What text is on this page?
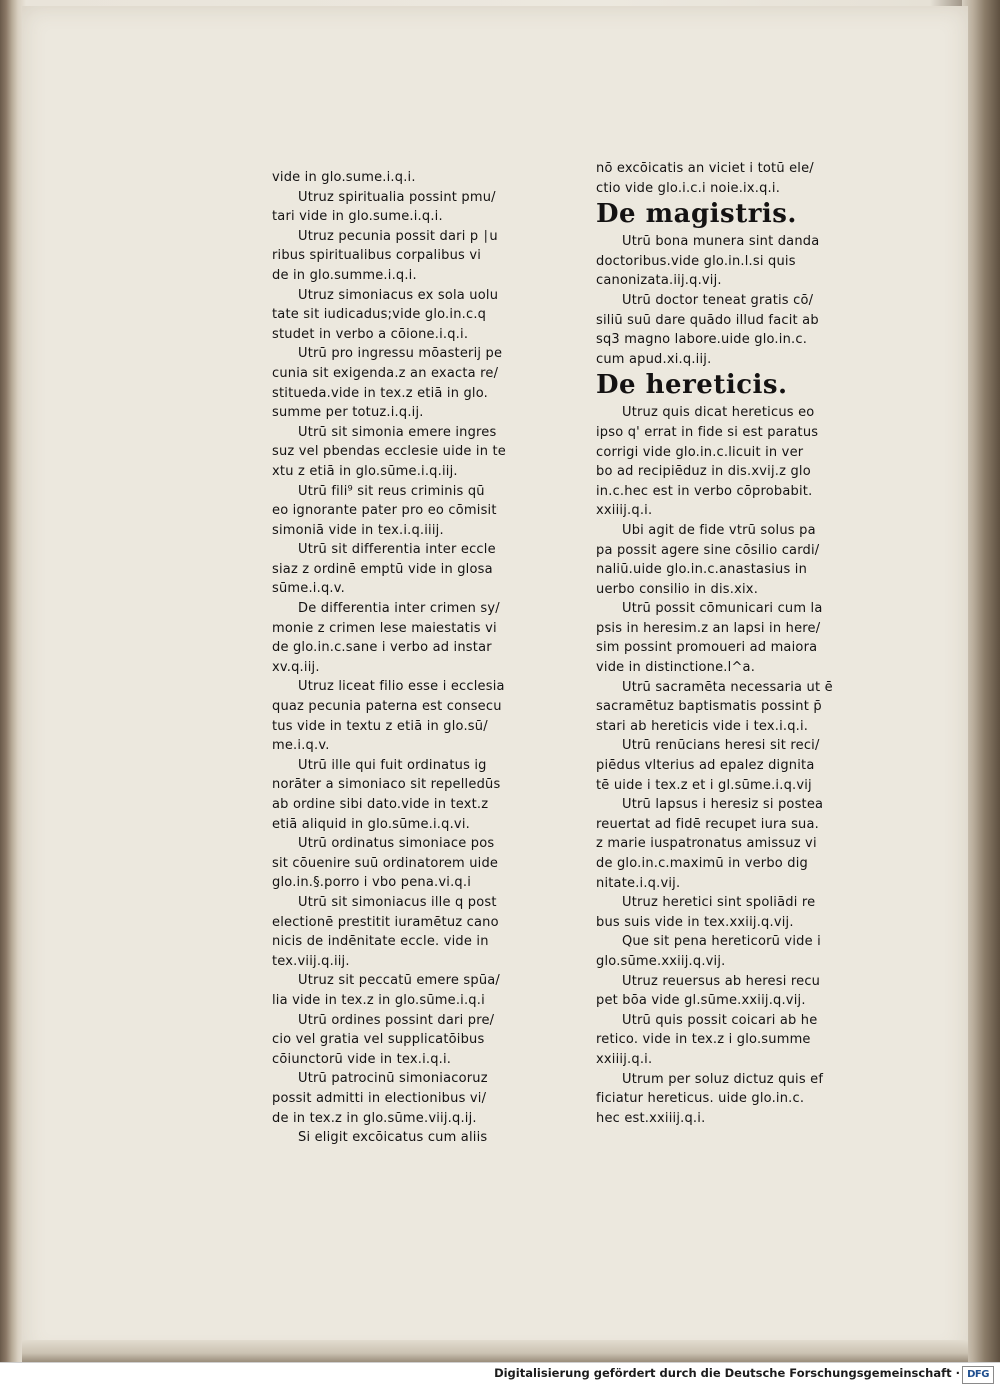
vide in glo.sume.i.q.i.
Utruz spiritualia possint pmu/
tari vide in glo.sume.i.q.i.
Utruz pecunia possit dari p ∣u
ribus spiritualibus corpalibus vi
de in glo.summe.i.q.i.
Utruz simoniacus ex sola uolu
tate sit iudicadus;vide glo.in.c.q
studet in verbo a cōione.i.q.i.
Utrū pro ingressu mōasterij pe
cunia sit exigenda.z an exacta re/
stitueda.vide in tex.z etiā in glo.
summe per totuz.i.q.ij.
Utrū sit simonia emere ingres
suz vel pbendas ecclesie uide in te
xtu z etiā in glo.sūme.i.q.iij.
Utrū fili⁹ sit reus criminis qū
eo ignorante pater pro eo cōmisit
simoniā vide in tex.i.q.iiij.
Utrū sit differentia inter eccle
siaz z ordinē emptū vide in glosa
sūme.i.q.v.
De differentia inter crimen sy/
monie z crimen lese maiestatis vi
de glo.in.c.sane i verbo ad instar
xv.q.iij.
Utruz liceat filio esse i ecclesia
quaz pecunia paterna est consecu
tus vide in textu z etiā in glo.sū/
me.i.q.v.
Utrū ille qui fuit ordinatus ig
norāter a simoniaco sit repelledūs
ab ordine sibi dato.vide in text.z
etiā aliquid in glo.sūme.i.q.vi.
Utrū ordinatus simoniace pos
sit cōuenire suū ordinatorem uide
glo.in.§.porro i vbo pena.vi.q.i
Utrū sit simoniacus ille q post
electionē prestitit iuramētuz cano
nicis de indēnitate eccle. vide in
tex.viij.q.iij.
Utruz sit peccatū emere spūa/
lia vide in tex.z in glo.sūme.i.q.i
Utrū ordines possint dari pre/
cio vel gratia vel supplicatōibus
cōiunctorū vide in tex.i.q.i.
Utrū patrocinū simoniacoruz
possit admitti in electionibus vi/
de in tex.z in glo.sūme.viij.q.ij.
Si eligit excōicatus cum aliis
nō excōicatis an viciet i totū ele/
ctio vide glo.i.c.i noie.ix.q.i.
De magistris.
Utrū bona munera sint danda
doctoribus.vide glo.in.l.si quis
canonizata.iij.q.vij.
Utrū doctor teneat gratis cō/
siliū suū dare quādo illud facit ab
sq3 magno labore.uide glo.in.c.
cum apud.xi.q.iij.
De hereticis.
Utruz quis dicat hereticus eo
ipso q' errat in fide si est paratus
corrigi vide glo.in.c.licuit in ver
bo ad recipiēduz in dis.xvij.z glo
in.c.hec est in verbo cōprobabit.
xxiiij.q.i.
Ubi agit de fide vtrū solus pa
pa possit agere sine cōsilio cardi/
naliū.uide glo.in.c.anastasius in
uerbo consilio in dis.xix.
Utrū possit cōmunicari cum la
psis in heresim.z an lapsi in here/
sim possint promoueri ad maiora
vide in distinctione.l^a.
Utrū sacramēta necessaria ut ē
sacramētuz baptismatis possint p̄
stari ab hereticis vide i tex.i.q.i.
Utrū renūcians heresi sit reci/
piēdus vlterius ad epalez dignita
tē uide i tex.z et i gl.sūme.i.q.vij
Utrū lapsus i heresiz si postea
reuertat ad fidē recupet iura sua.
z marie iuspatronatus amissuz vi
de glo.in.c.maximū in verbo dig
nitate.i.q.vij.
Utruz heretici sint spoliādi re
bus suis vide in tex.xxiij.q.vij.
Que sit pena hereticorū vide i
glo.sūme.xxiij.q.vij.
Utruz reuersus ab heresi recu
pet bōa vide gl.sūme.xxiij.q.vij.
Utrū quis possit coicari ab he
retico. vide in tex.z i glo.summe
xxiiij.q.i.
Utrum per soluz dictuz quis ef
ficiatur hereticus. uide glo.in.c.
hec est.xxiiij.q.i.
Digitalisierung gefördert durch die Deutsche Forschungsgemeinschaft · DFG
